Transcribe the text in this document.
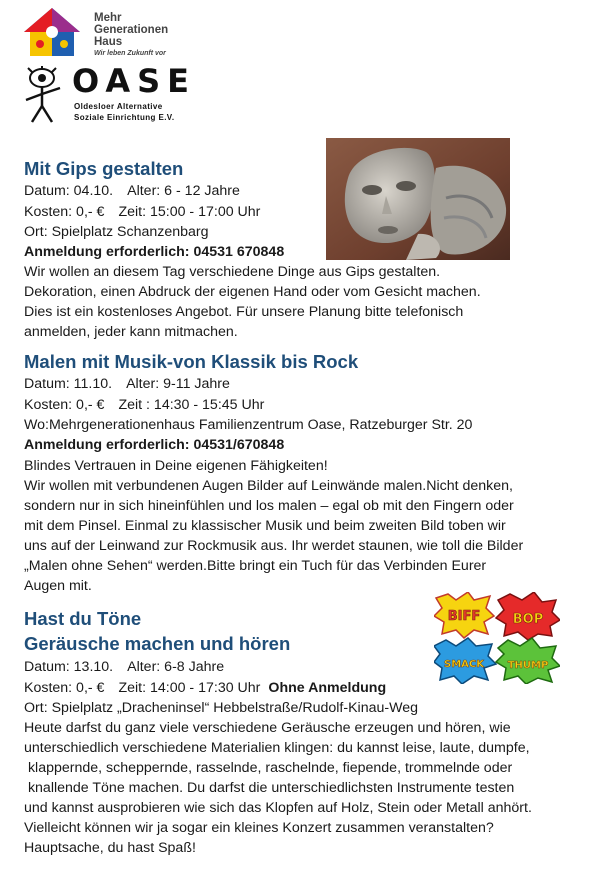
Mehr
Generationen
Haus
Wir leben Zukunft vor
OASE
Oldesloer Alternative
Soziale Einrichtung E.V.
Mit Gips gestalten
Datum: 04.10. Alter: 6 - 12 Jahre
Kosten: 0,- € Zeit: 15:00 - 17:00 Uhr
Ort: Spielplatz Schanzenbarg
Anmeldung erforderlich: 04531 670848
Wir wollen an diesem Tag verschiedene Dinge aus Gips gestalten.
Dekoration, einen Abdruck der eigenen Hand oder vom Gesicht machen.
Dies ist ein kostenloses Angebot. Für unsere Planung bitte telefonisch
anmelden, jeder kann mitmachen.
Malen mit Musik-von Klassik bis Rock
Datum: 11.10. Alter: 9-11 Jahre
Kosten: 0,- € Zeit : 14:30 - 15:45 Uhr
Wo:Mehrgenerationenhaus Familienzentrum Oase, Ratzeburger Str. 20
Anmeldung erforderlich: 04531/670848
Blindes Vertrauen in Deine eigenen Fähigkeiten!
Wir wollen mit verbundenen Augen Bilder auf Leinwände malen.Nicht denken,
sondern nur in sich hineinfühlen und los malen – egal ob mit den Fingern oder
mit dem Pinsel. Einmal zu klassischer Musik und beim zweiten Bild toben wir
uns auf der Leinwand zur Rockmusik aus. Ihr werdet staunen, wie toll die Bilder
„Malen ohne Sehen“ werden.Bitte bringt ein Tuch für das Verbinden Eurer
Augen mit.
BIFF BOP
SMACK THUMP
Hast du Töne
Geräusche machen und hören
Datum: 13.10. Alter: 6-8 Jahre
Kosten: 0,- € Zeit: 14:00 - 17:30 Uhr Ohne Anmeldung
Ort: Spielplatz „Dracheninsel“ Hebbelstraße/Rudolf-Kinau-Weg
Heute darfst du ganz viele verschiedene Geräusche erzeugen und hören, wie
unterschiedlich verschiedene Materialien klingen: du kannst leise, laute, dumpfe,
klappernde, scheppernde, rasselnde, raschelnde, fiepende, trommelnde oder
knallende Töne machen. Du darfst die unterschiedlichsten Instrumente testen
und kannst ausprobieren wie sich das Klopfen auf Holz, Stein oder Metall anhört.
Vielleicht können wir ja sogar ein kleines Konzert zusammen veranstalten?
Hauptsache, du hast Spaß!
